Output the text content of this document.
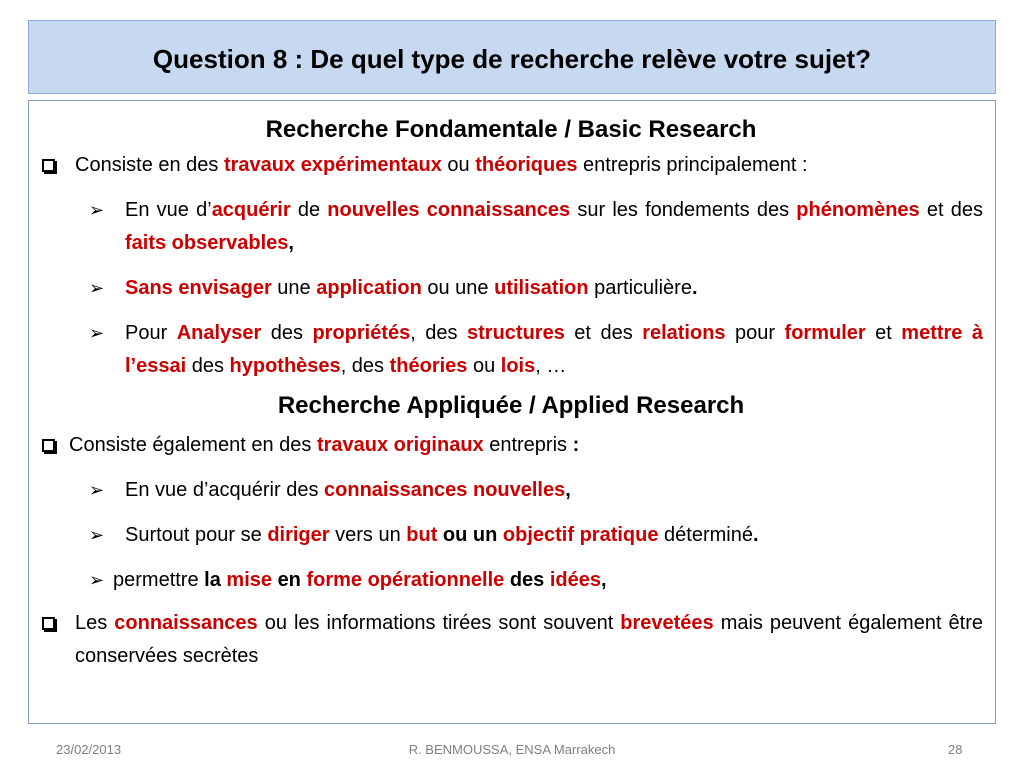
Question 8 : De quel type de recherche relève votre sujet?

Recherche Fondamentale / Basic Research

Consiste en des travaux expérimentaux ou théoriques entrepris principalement :
➢	En vue d’acquérir de nouvelles connaissances sur les fondements des phénomènes et des faits observables,
➢	Sans envisager une application ou une utilisation particulière.
➢	Pour Analyser des propriétés, des structures et des relations pour formuler et mettre à l’essai des hypothèses, des théories ou lois, …

Recherche Appliquée / Applied Research

Consiste également en des travaux originaux entrepris :
➢	En vue d’acquérir des connaissances nouvelles,
➢	Surtout pour se diriger vers un but ou un objectif pratique déterminé.
➢ permettre la mise en forme opérationnelle des idées,
Les connaissances ou les informations tirées sont souvent brevetées mais peuvent également être conservées secrètes
23/02/2013	R. BENMOUSSA, ENSA Marrakech	28
